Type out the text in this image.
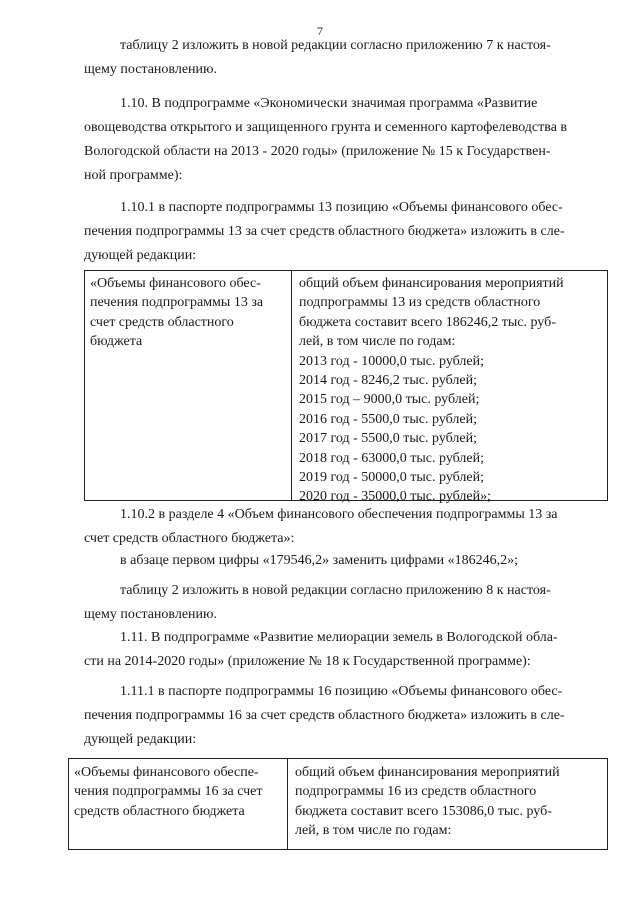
7
таблицу 2 изложить в новой редакции согласно приложению 7 к настоя-
щему постановлению.
1.10. В подпрограмме «Экономически значимая программа «Развитие
овощеводства открытого и защищенного грунта и семенного картофелеводства в
Вологодской области на 2013 - 2020 годы» (приложение № 15 к Государствен-
ной программе):
1.10.1 в паспорте подпрограммы 13 позицию «Объемы финансового обес-
печения подпрограммы 13 за счет средств областного бюджета» изложить в сле-
дующей редакции:
«Объемы финансового обес-
печения подпрограммы 13 за
счет средств областного
бюджета
общий объем финансирования мероприятий
подпрограммы 13 из средств областного
бюджета составит всего 186246,2 тыс. руб-
лей, в том числе по годам:
2013 год - 10000,0 тыс. рублей;
2014 год - 8246,2 тыс. рублей;
2015 год – 9000,0 тыс. рублей;
2016 год - 5500,0 тыс. рублей;
2017 год - 5500,0 тыс. рублей;
2018 год - 63000,0 тыс. рублей;
2019 год - 50000,0 тыс. рублей;
2020 год - 35000,0 тыс. рублей»;
1.10.2 в разделе 4 «Объем финансового обеспечения подпрограммы 13 за
счет средств областного бюджета»:
в абзаце первом цифры «179546,2» заменить цифрами «186246,2»;
таблицу 2 изложить в новой редакции согласно приложению 8 к настоя-
щему постановлению.
1.11. В подпрограмме «Развитие мелиорации земель в Вологодской обла-
сти на 2014-2020 годы» (приложение № 18 к Государственной программе):
1.11.1 в паспорте подпрограммы 16 позицию «Объемы финансового обес-
печения подпрограммы 16 за счет средств областного бюджета» изложить в сле-
дующей редакции:
«Объемы финансового обеспе-
чения подпрограммы 16 за счет
средств областного бюджета
общий объем финансирования мероприятий
подпрограммы 16 из средств областного
бюджета составит всего 153086,0 тыс. руб-
лей, в том числе по годам:
